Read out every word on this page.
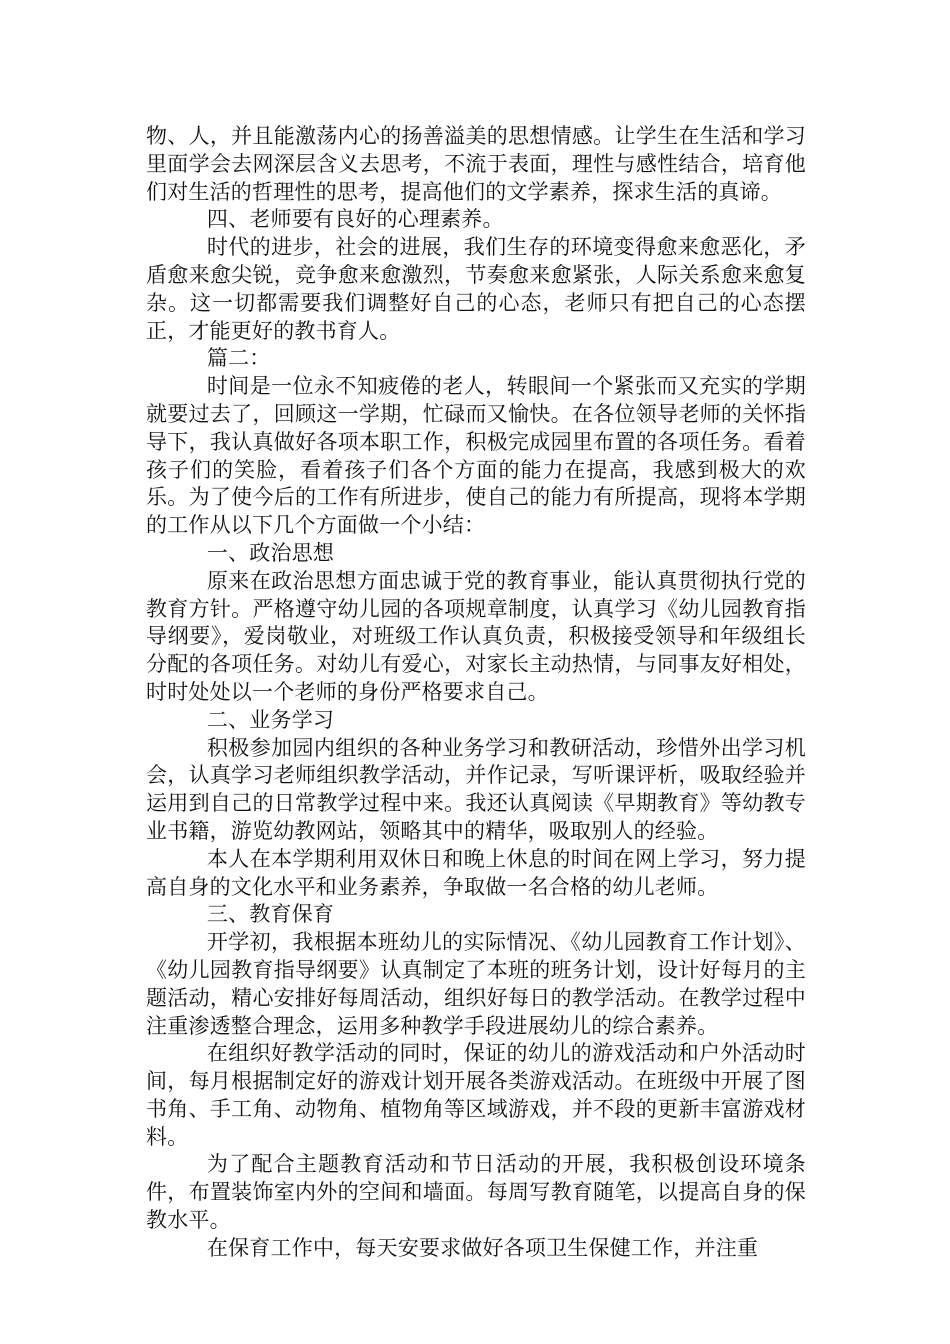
物、人，并且能激荡内心的扬善溢美的思想情感。让学生在生活和学习里面学会去网深层含义去思考，不流于表面，理性与感性结合，培育他们对生活的哲理性的思考，提高他们的文学素养，探求生活的真谛。

四、老师要有良好的心理素养。

时代的进步，社会的进展，我们生存的环境变得愈来愈恶化，矛盾愈来愈尖锐，竞争愈来愈激烈，节奏愈来愈紧张，人际关系愈来愈复杂。这一切都需要我们调整好自己的心态，老师只有把自己的心态摆正，才能更好的教书育人。

篇二：

时间是一位永不知疲倦的老人，转眼间一个紧张而又充实的学期就要过去了，回顾这一学期，忙碌而又愉快。在各位领导老师的关怀指导下，我认真做好各项本职工作，积极完成园里布置的各项任务。看着孩子们的笑脸，看着孩子们各个方面的能力在提高，我感到极大的欢乐。为了使今后的工作有所进步，使自己的能力有所提高，现将本学期的工作从以下几个方面做一个小结：

一、政治思想

原来在政治思想方面忠诚于党的教育事业，能认真贯彻执行党的教育方针。严格遵守幼儿园的各项规章制度，认真学习《幼儿园教育指导纲要》，爱岗敬业，对班级工作认真负责，积极接受领导和年级组长分配的各项任务。对幼儿有爱心，对家长主动热情，与同事友好相处，时时处处以一个老师的身份严格要求自己。

二、业务学习

积极参加园内组织的各种业务学习和教研活动，珍惜外出学习机会，认真学习老师组织教学活动，并作记录，写听课评析，吸取经验并运用到自己的日常教学过程中来。我还认真阅读《早期教育》等幼教专业书籍，游览幼教网站，领略其中的精华，吸取别人的经验。

本人在本学期利用双休日和晚上休息的时间在网上学习，努力提高自身的文化水平和业务素养，争取做一名合格的幼儿老师。

三、教育保育

开学初，我根据本班幼儿的实际情况、《幼儿园教育工作计划》、《幼儿园教育指导纲要》认真制定了本班的班务计划，设计好每月的主题活动，精心安排好每周活动，组织好每日的教学活动。在教学过程中注重渗透整合理念，运用多种教学手段进展幼儿的综合素养。

在组织好教学活动的同时，保证的幼儿的游戏活动和户外活动时间，每月根据制定好的游戏计划开展各类游戏活动。在班级中开展了图书角、手工角、动物角、植物角等区域游戏，并不段的更新丰富游戏材料。

为了配合主题教育活动和节日活动的开展，我积极创设环境条件，布置装饰室内外的空间和墙面。每周写教育随笔，以提高自身的保教水平。

在保育工作中，每天安要求做好各项卫生保健工作，并注重
